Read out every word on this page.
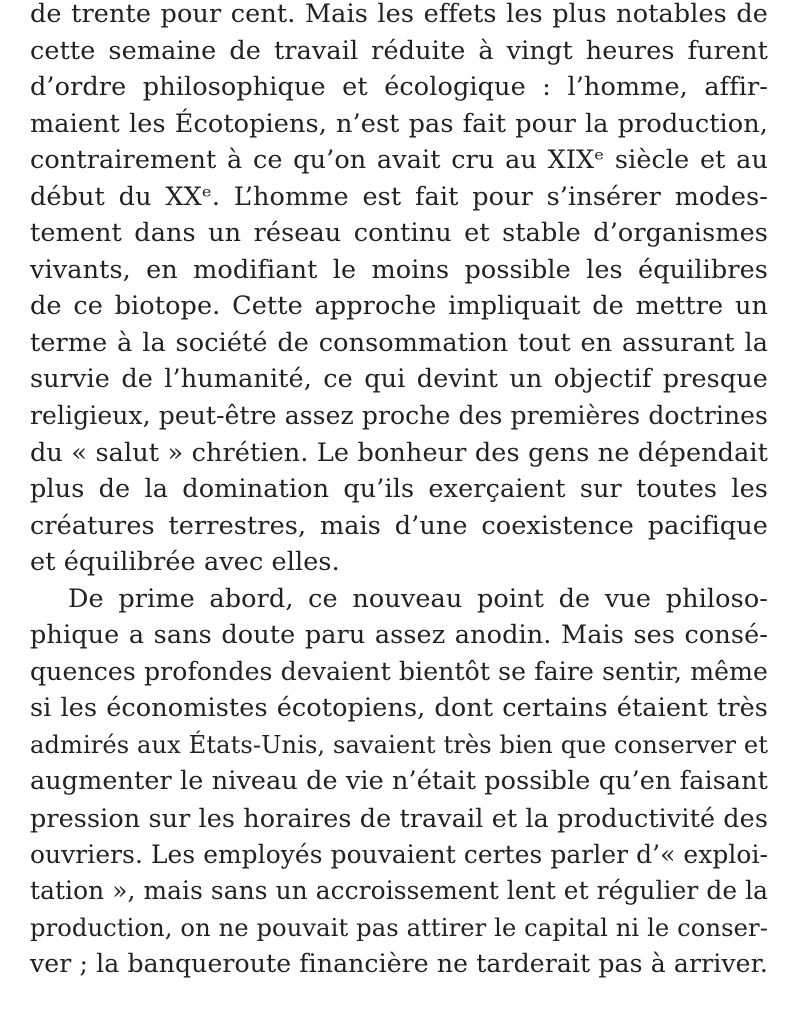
de trente pour cent. Mais les effets les plus notables de
cette semaine de travail réduite à vingt heures furent
d’ordre philosophique et écologique : l’homme, affir-
maient les Écotopiens, n’est pas fait pour la production,
contrairement à ce qu’on avait cru au XIXᵉ siècle et au
début du XXᵉ. L’homme est fait pour s’insérer modes-
tement dans un réseau continu et stable d’organismes
vivants, en modifiant le moins possible les équilibres
de ce biotope. Cette approche impliquait de mettre un
terme à la société de consommation tout en assurant la
survie de l’humanité, ce qui devint un objectif presque
religieux, peut-être assez proche des premières doctrines
du « salut » chrétien. Le bonheur des gens ne dépendait
plus de la domination qu’ils exerçaient sur toutes les
créatures terrestres, mais d’une coexistence pacifique
et équilibrée avec elles.
De prime abord, ce nouveau point de vue philoso-
phique a sans doute paru assez anodin. Mais ses consé-
quences profondes devaient bientôt se faire sentir, même
si les économistes écotopiens, dont certains étaient très
admirés aux États-Unis, savaient très bien que conserver et
augmenter le niveau de vie n’était possible qu’en faisant
pression sur les horaires de travail et la productivité des
ouvriers. Les employés pouvaient certes parler d’« exploi-
tation », mais sans un accroissement lent et régulier de la
production, on ne pouvait pas attirer le capital ni le conser-
ver ; la banqueroute financière ne tarderait pas à arriver.
